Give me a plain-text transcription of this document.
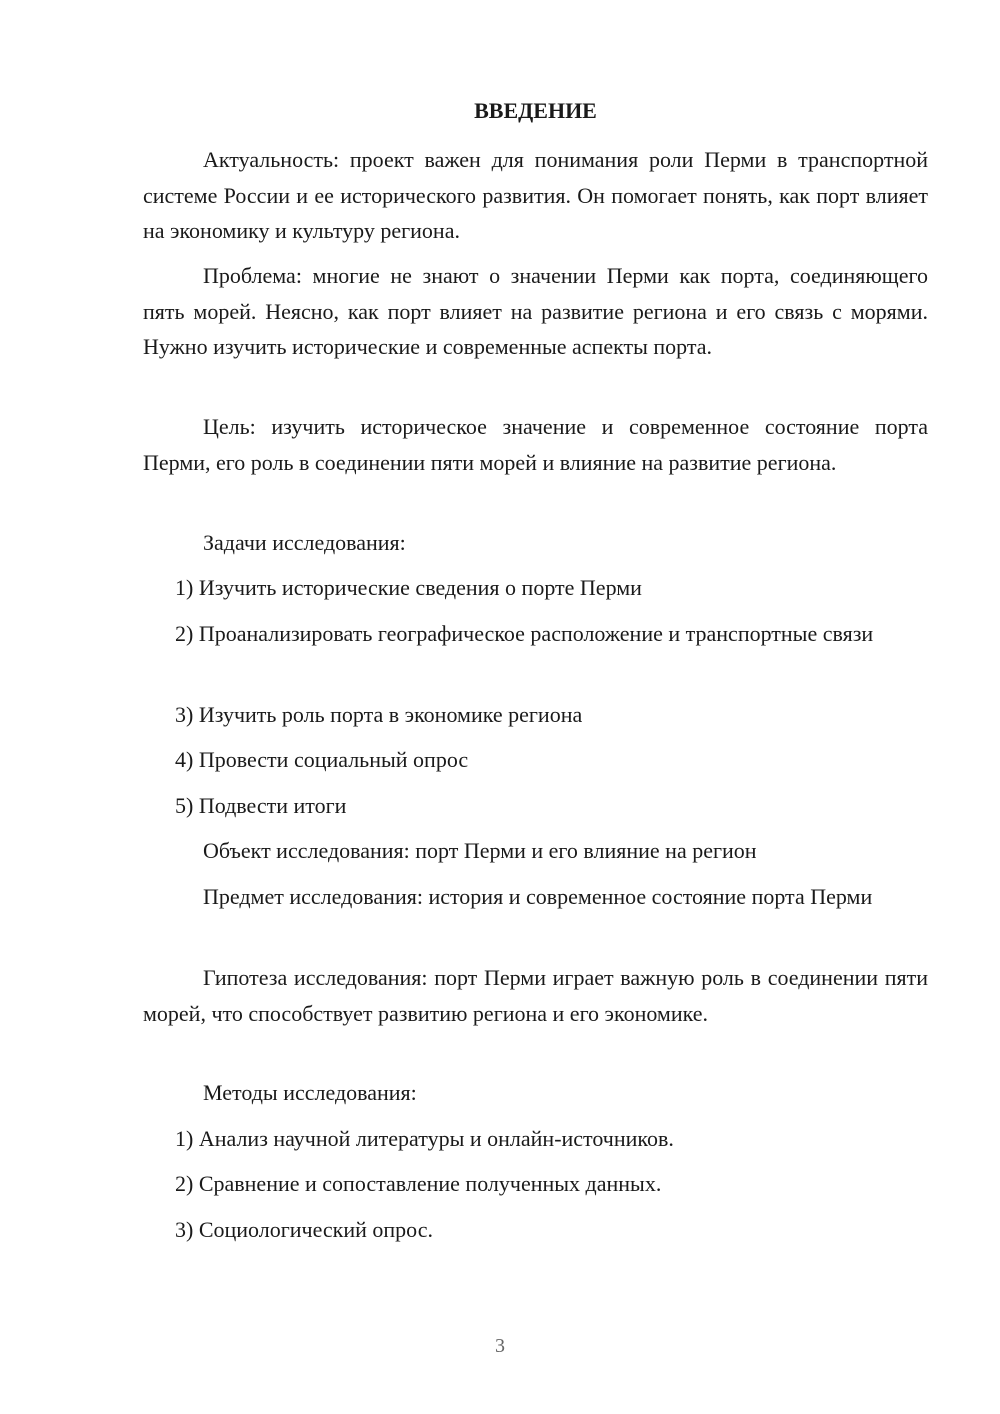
ВВЕДЕНИЕ

Актуальность: проект важен для понимания роли Перми в транспортной системе России и ее исторического развития. Он помогает понять, как порт влияет на экономику и культуру региона.

Проблема: многие не знают о значении Перми как порта, соединяющего пять морей. Неясно, как порт влияет на развитие региона и его связь с морями. Нужно изучить исторические и современные аспекты порта.

Цель: изучить историческое значение и современное состояние порта Перми, его роль в соединении пяти морей и влияние на развитие региона.

Задачи исследования:

1) Изучить исторические сведения о порте Перми

2) Проанализировать географическое расположение и транспортные связи

3) Изучить роль порта в экономике региона

4) Провести социальный опрос

5) Подвести итоги

Объект исследования: порт Перми и его влияние на регион

Предмет исследования: история и современное состояние порта Перми

Гипотеза исследования: порт Перми играет важную роль в соединении пяти морей, что способствует развитию региона и его экономике.

Методы исследования:

1) Анализ научной литературы и онлайн-источников.

2) Сравнение и сопоставление полученных данных.

3) Социологический опрос.

3
